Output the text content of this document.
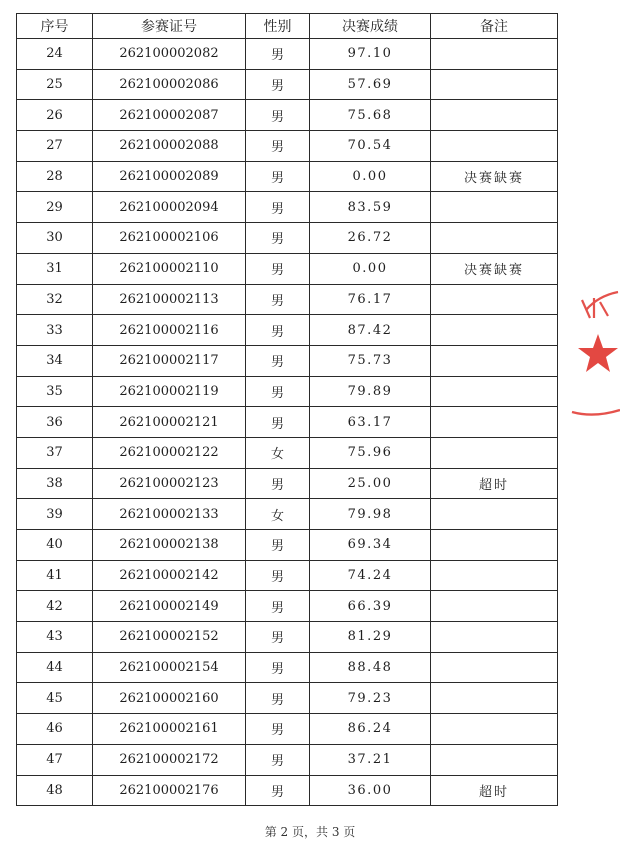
序号	参赛证号	性别	决赛成绩	备注
24	262100002082	男	97.10	
25	262100002086	男	57.69	
26	262100002087	男	75.68	
27	262100002088	男	70.54	
28	262100002089	男	0.00	决赛缺赛
29	262100002094	男	83.59	
30	262100002106	男	26.72	
31	262100002110	男	0.00	决赛缺赛
32	262100002113	男	76.17	
33	262100002116	男	87.42	
34	262100002117	男	75.73	
35	262100002119	男	79.89	
36	262100002121	男	63.17	
37	262100002122	女	75.96	
38	262100002123	男	25.00	超时
39	262100002133	女	79.98	
40	262100002138	男	69.34	
41	262100002142	男	74.24	
42	262100002149	男	66.39	
43	262100002152	男	81.29	
44	262100002154	男	88.48	
45	262100002160	男	79.23	
46	262100002161	男	86.24	
47	262100002172	男	37.21	
48	262100002176	男	36.00	超时
第 2 页，共 3 页
